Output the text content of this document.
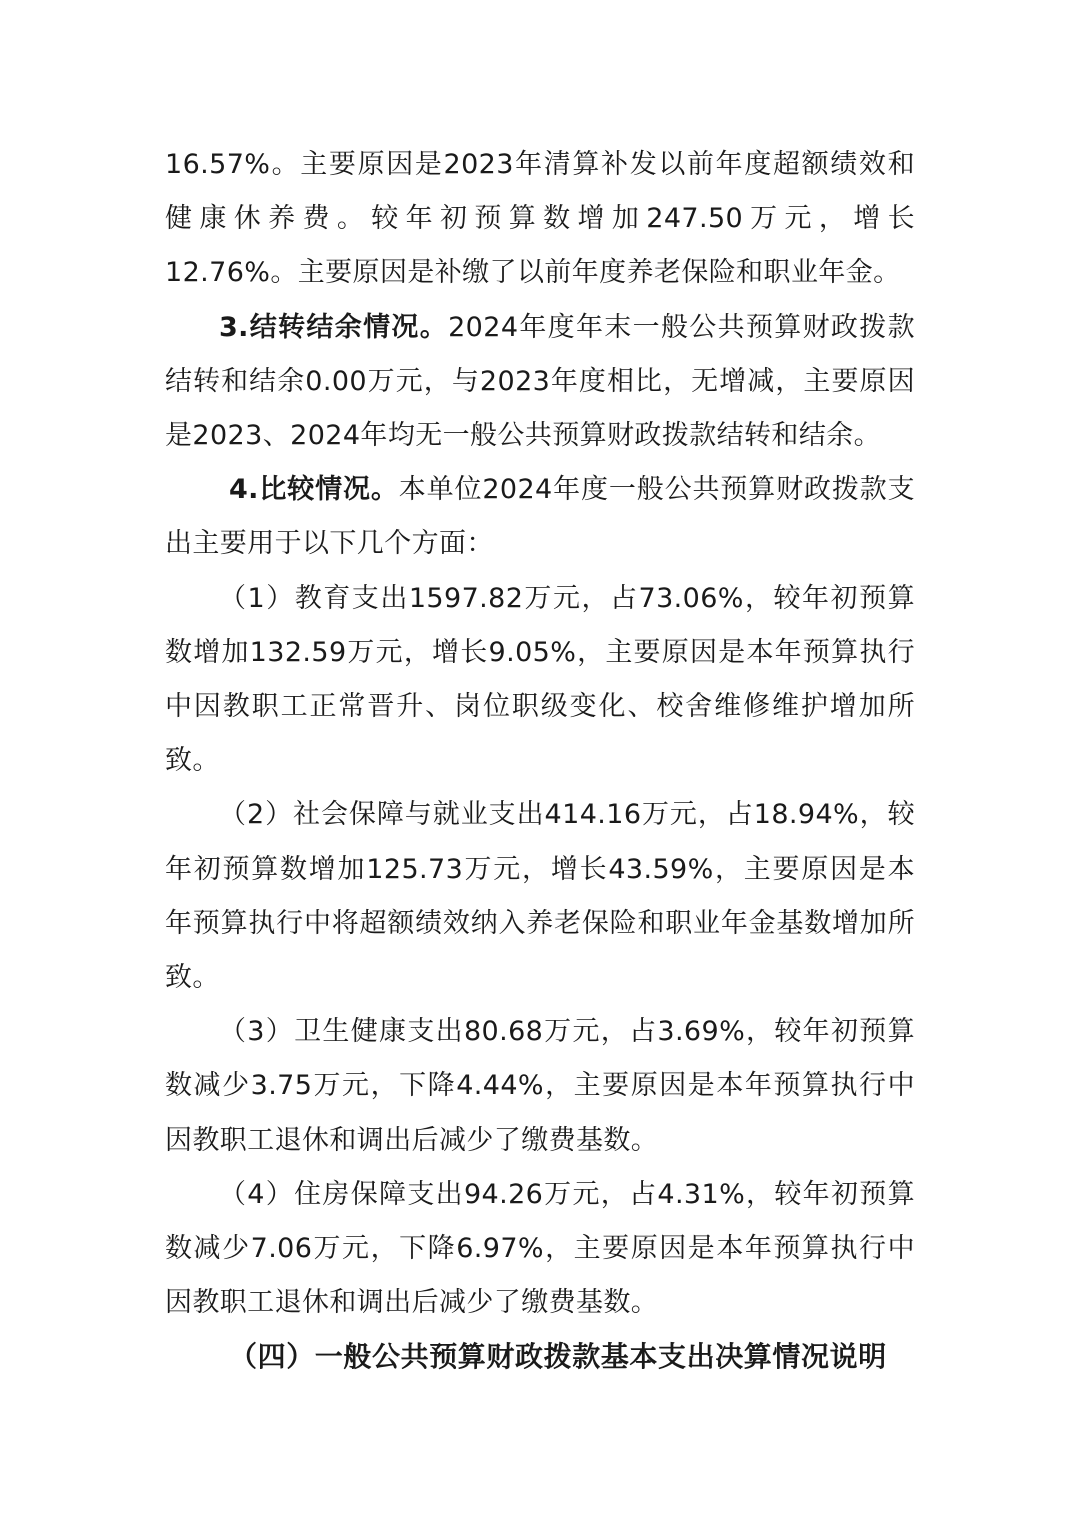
16.57%。主要原因是2023年清算补发以前年度超额绩效和健康休养费。较年初预算数增加247.50万元，增长12.76%。主要原因是补缴了以前年度养老保险和职业年金。

3.结转结余情况。2024年度年末一般公共预算财政拨款结转和结余0.00万元，与2023年度相比，无增减，主要原因是2023、2024年均无一般公共预算财政拨款结转和结余。

4.比较情况。本单位2024年度一般公共预算财政拨款支出主要用于以下几个方面：

（1）教育支出1597.82万元，占73.06%，较年初预算数增加132.59万元，增长9.05%，主要原因是本年预算执行中因教职工正常晋升、岗位职级变化、校舍维修维护增加所致。

（2）社会保障与就业支出414.16万元，占18.94%，较年初预算数增加125.73万元，增长43.59%，主要原因是本年预算执行中将超额绩效纳入养老保险和职业年金基数增加所致。

（3）卫生健康支出80.68万元，占3.69%，较年初预算数减少3.75万元，下降4.44%，主要原因是本年预算执行中因教职工退休和调出后减少了缴费基数。

（4）住房保障支出94.26万元，占4.31%，较年初预算数减少7.06万元，下降6.97%，主要原因是本年预算执行中因教职工退休和调出后减少了缴费基数。

（四）一般公共预算财政拨款基本支出决算情况说明
